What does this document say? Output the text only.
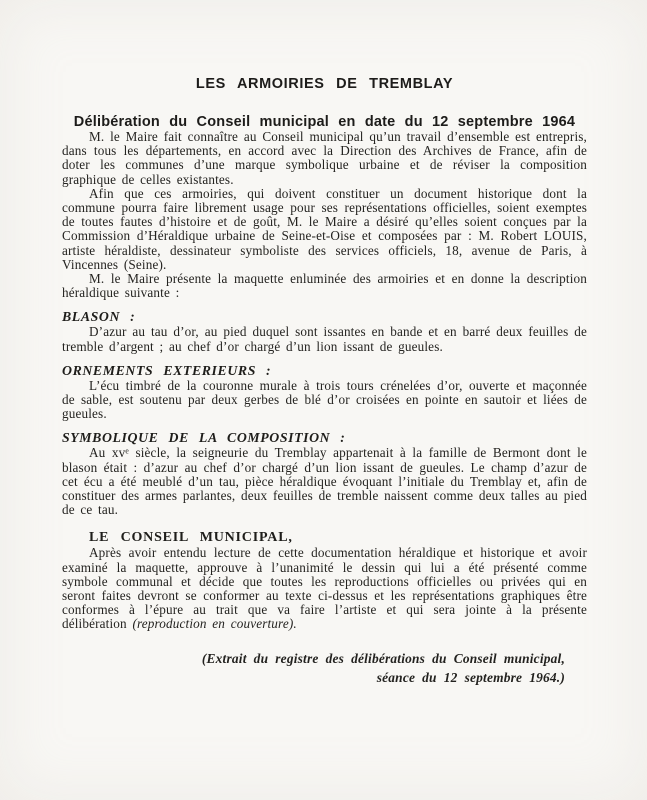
LES ARMOIRIES DE TREMBLAY
Délibération du Conseil municipal en date du 12 septembre 1964

M. le Maire fait connaître au Conseil municipal qu’un travail d’ensemble est entrepris, dans tous les départements, en accord avec la Direction des Archives de France, afin de doter les communes d’une marque symbolique urbaine et de réviser la composition graphique de celles existantes.

Afin que ces armoiries, qui doivent constituer un document historique dont la commune pourra faire librement usage pour ses représentations officielles, soient exemptes de toutes fautes d’histoire et de goût, M. le Maire a désiré qu’elles soient conçues par la Commission d’Héraldique urbaine de Seine-et-Oise et composées par : M. Robert LOUIS, artiste héraldiste, dessinateur symboliste des services officiels, 18, avenue de Paris, à Vincennes (Seine).

M. le Maire présente la maquette enluminée des armoiries et en donne la description héraldique suivante :

BLASON :

D’azur au tau d’or, au pied duquel sont issantes en bande et en barré deux feuilles de tremble d’argent ; au chef d’or chargé d’un lion issant de gueules.

ORNEMENTS EXTERIEURS :

L’écu timbré de la couronne murale à trois tours crénelées d’or, ouverte et maçonnée de sable, est soutenu par deux gerbes de blé d’or croisées en pointe en sautoir et liées de gueules.

SYMBOLIQUE DE LA COMPOSITION :

Au xvᵉ siècle, la seigneurie du Tremblay appartenait à la famille de Bermont dont le blason était : d’azur au chef d’or chargé d’un lion issant de gueules. Le champ d’azur de cet écu a été meublé d’un tau, pièce héraldique évoquant l’initiale du Tremblay et, afin de constituer des armes parlantes, deux feuilles de tremble naissent comme deux talles au pied de ce tau.

LE CONSEIL MUNICIPAL,

Après avoir entendu lecture de cette documentation héraldique et historique et avoir examiné la maquette, approuve à l’unanimité le dessin qui lui a été présenté comme symbole communal et décide que toutes les reproductions officielles ou privées qui en seront faites devront se conformer au texte ci-dessus et les représentations graphiques être conformes à l’épure au trait que va faire l’artiste et qui sera jointe à la présente délibération (reproduction en couverture).

(Extrait du registre des délibérations du Conseil municipal,
séance du 12 septembre 1964.)
